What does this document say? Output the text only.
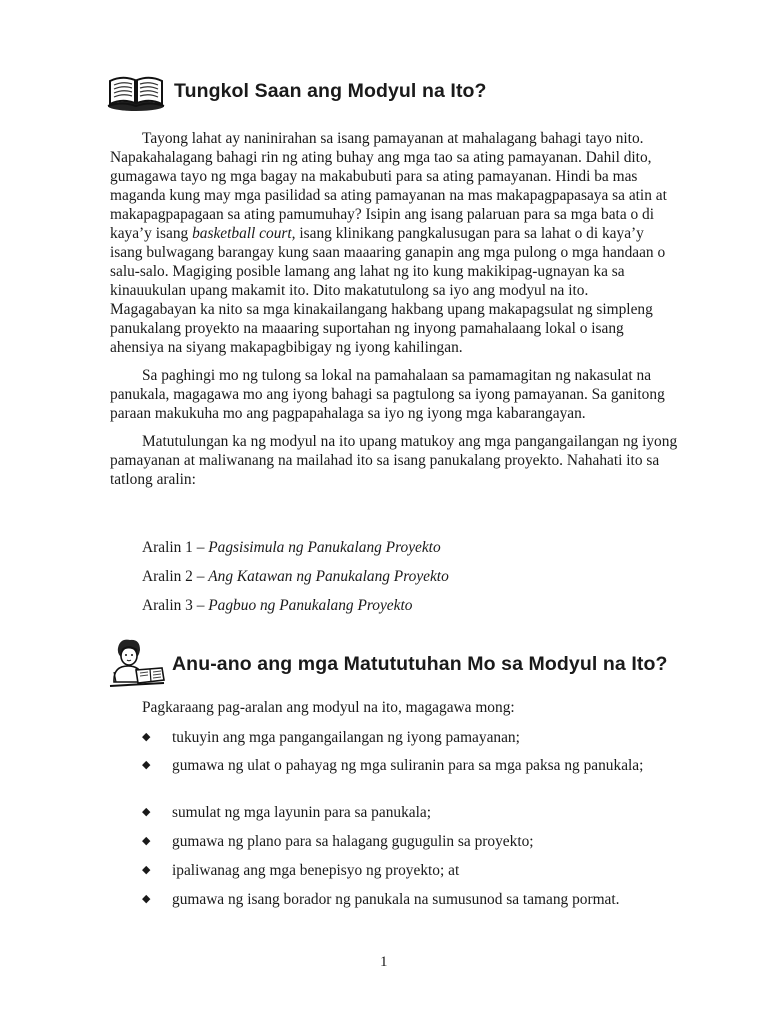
Tungkol Saan ang Modyul na Ito?

Tayong lahat ay naninirahan sa isang pamayanan at mahalagang bahagi tayo nito. Napakahalagang bahagi rin ng ating buhay ang mga tao sa ating pamayanan. Dahil dito, gumagawa tayo ng mga bagay na makabubuti para sa ating pamayanan. Hindi ba mas maganda kung may mga pasilidad sa ating pamayanan na mas makapagpapasaya sa atin at makapagpapagaan sa ating pamumuhay? Isipin ang isang palaruan para sa mga bata o di kaya’y isang basketball court, isang klinikang pangkalusugan para sa lahat o di kaya’y isang bulwagang barangay kung saan maaaring ganapin ang mga pulong o mga handaan o salu-salo. Magiging posible lamang ang lahat ng ito kung makikipag-ugnayan ka sa kinauukulan upang makamit ito. Dito makatutulong sa iyo ang modyul na ito. Magagabayan ka nito sa mga kinakailangang hakbang upang makapagsulat ng simpleng panukalang proyekto na maaaring suportahan ng inyong pamahalaang lokal o isang ahensiya na siyang makapagbibigay ng iyong kahilingan.

Sa paghingi mo ng tulong sa lokal na pamahalaan sa pamamagitan ng nakasulat na panukala, magagawa mo ang iyong bahagi sa pagtulong sa iyong pamayanan. Sa ganitong paraan makukuha mo ang pagpapahalaga sa iyo ng iyong mga kabarangayan.

Matutulungan ka ng modyul na ito upang matukoy ang mga pangangailangan ng iyong pamayanan at maliwanang na mailahad ito sa isang panukalang proyekto. Nahahati ito sa tatlong aralin:

Aralin 1 – Pagsisimula ng Panukalang Proyekto
Aralin 2 – Ang Katawan ng Panukalang Proyekto
Aralin 3 – Pagbuo ng Panukalang Proyekto
Anu-ano ang mga Matututuhan Mo sa Modyul na Ito?

Pagkaraang pag-aralan ang modyul na ito, magagawa mong:

◆	tukuyin ang mga pangangailangan ng iyong pamayanan;
◆	gumawa ng ulat o pahayag ng mga suliranin para sa mga paksa ng panukala;
◆	sumulat ng mga layunin para sa panukala;
◆	gumawa ng plano para sa halagang gugugulin sa proyekto;
◆	ipaliwanag ang mga benepisyo ng proyekto; at
◆	gumawa ng isang borador ng panukala na sumusunod sa tamang pormat.
1
